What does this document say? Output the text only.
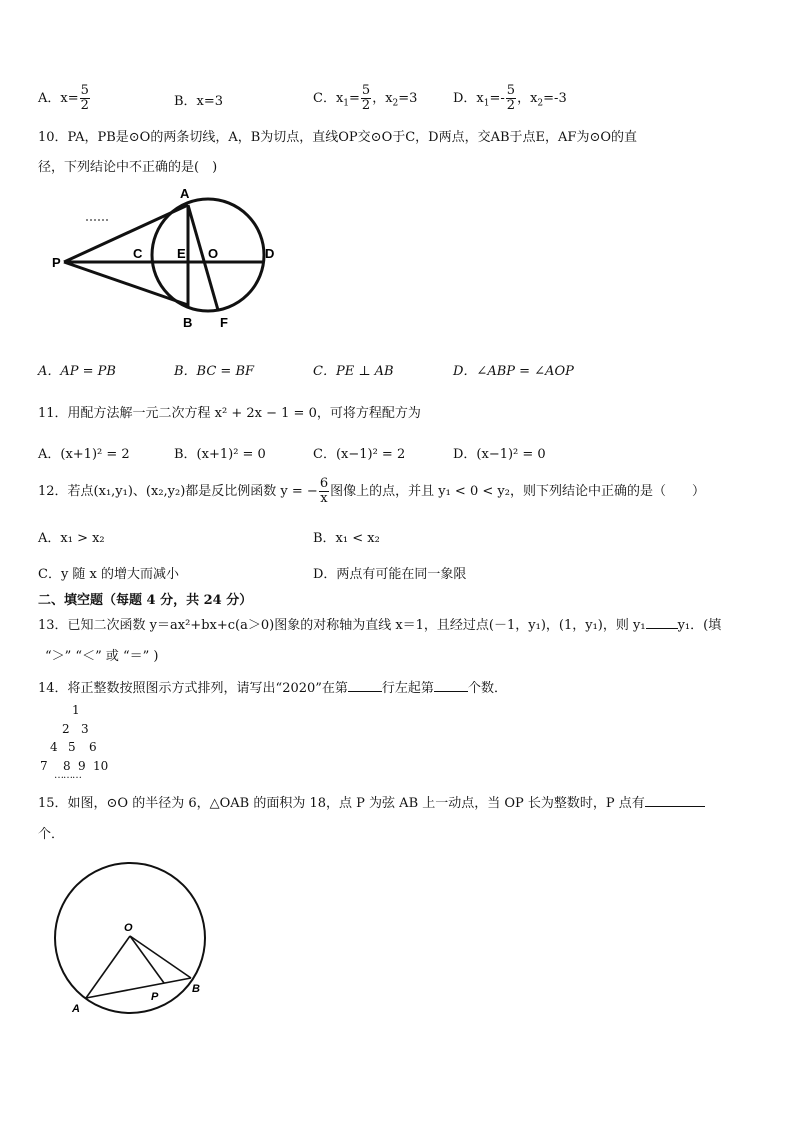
A．$x= \frac{5}{2}$	B．x=3	C．$x_1= \frac{5}{2}$ ，$x_2=3$	D．$x_1=- \frac{5}{2}$ ，$x_2=-3$
10．PA，PB是⊙O的两条切线，A，B为切点，直线OP交⊙O于C，D两点，交AB于点E，AF为⊙O的直
径，下列结论中不正确的是(　)
A
B
C	E O	D
P
F
A．AP = PB	B．BC = BF	C．PE ⊥ AB	D．∠ABP = ∠AOP
11．用配方法解一元二次方程 x² + 2x − 1 = 0，可将方程配方为
A．(x+1)² = 2	B．(x+1)² = 0	C．(x−1)² = 2	D．(x−1)² = 0
12．若点(x₁,y₁)、(x₂,y₂)都是反比例函数 y = − $\frac{6}{x}$ 图像上的点，并且 y₁ < 0 < y₂，则下列结论中正确的是（　　）
A．x₁ > x₂	B．x₁ < x₂
C．y 随 x 的增大而减小	D．两点有可能在同一象限
二、填空题（每题 4 分，共 24 分）
13．已知二次函数 y＝ax²+bx+c(a＞0)图象的对称轴为直线 x＝1，且经过点(－1，y₁)，(1，y₁)，则 y₁ y₁．(填
“＞” “＜” 或 “＝” )
14．将正整数按照图示方式排列，请写出“2020”在第	行左起第	个数．
1
2 3
4 5 6
7 8 9 10
………
15．如图，⊙O 的半径为 6，△OAB 的面积为 18，点 P 为弦 AB 上一动点，当 OP 长为整数时，P 点有
个．
O
A
B
P
